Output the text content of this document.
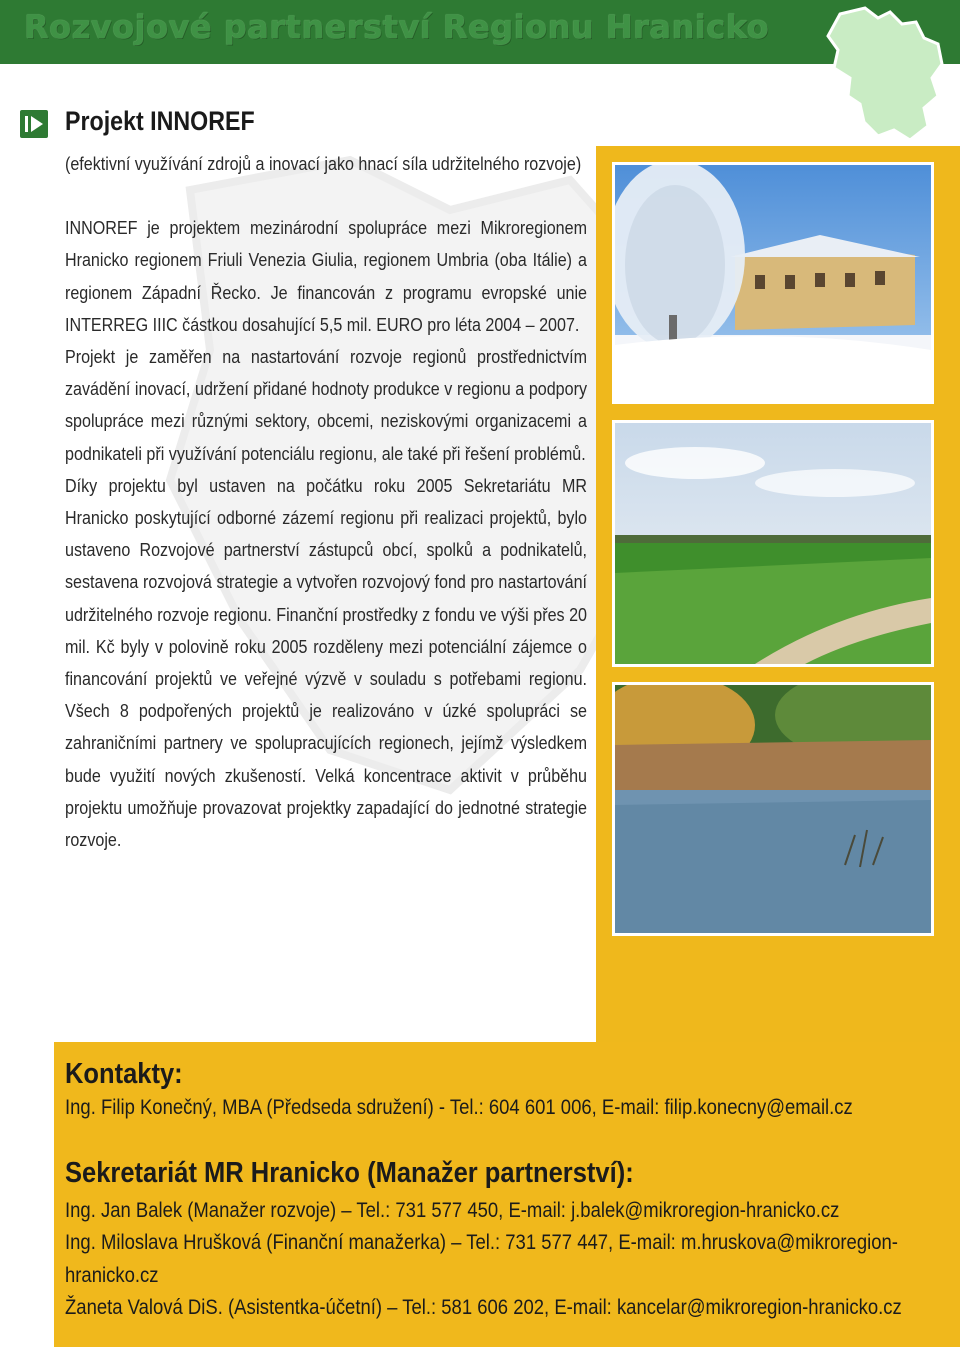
Rozvojové partnerství Regionu Hranicko
Projekt INNOREF

(efektivní využívání zdrojů a inovací jako hnací síla udržitelného rozvoje)

INNOREF je projektem mezinárodní spolupráce mezi Mikroregionem Hranicko regionem Friuli Venezia Giulia, regionem Umbria (oba Itálie) a regionem Západní Řecko. Je financován z programu evropské unie INTERREG IIIC částkou dosahující 5,5 mil. EURO pro léta 2004 – 2007.

Projekt je zaměřen na nastartování rozvoje regionů prostřednictvím zavádění inovací, udržení přidané hodnoty produkce v regionu a podpory spolupráce mezi různými sektory, obcemi, neziskovými organizacemi a podnikateli při využívání potenciálu regionu, ale také při řešení problémů.

Díky projektu byl ustaven na počátku roku 2005 Sekretariátu MR Hranicko poskytující odborné zázemí regionu při realizaci projektů, bylo ustaveno Rozvojové partnerství zástupců obcí, spolků a podnikatelů, sestavena rozvojová strategie a vytvořen rozvojový fond pro nastartování udržitelného rozvoje regionu. Finanční prostředky z fondu ve výši přes 20 mil. Kč byly v polovině roku 2005 rozděleny mezi potenciální zájemce o financování projektů ve veřejné výzvě v souladu s potřebami regionu. Všech 8 podpořených projektů je realizováno v úzké spolupráci se zahraničními partnery ve spolupracujících regionech, jejímž výsledkem bude využití nových zkušeností. Velká koncentrace aktivit v průběhu projektu umožňuje provazovat projektky zapadající do jednotné strategie rozvoje.

Kontakty:

Ing. Filip Konečný, MBA (Předseda sdružení) - Tel.: 604 601 006, E-mail: filip.konecny@email.cz

Sekretariát MR Hranicko (Manažer partnerství):

Ing. Jan Balek (Manažer rozvoje) – Tel.: 731 577 450, E-mail: j.balek@mikroregion-hranicko.cz

Ing. Miloslava Hrušková (Finanční manažerka) – Tel.: 731 577 447, E-mail: m.hruskova@mikroregion-

hranicko.cz

Žaneta Valová DiS. (Asistentka-účetní) – Tel.: 581 606 202, E-mail: kancelar@mikroregion-hranicko.cz
